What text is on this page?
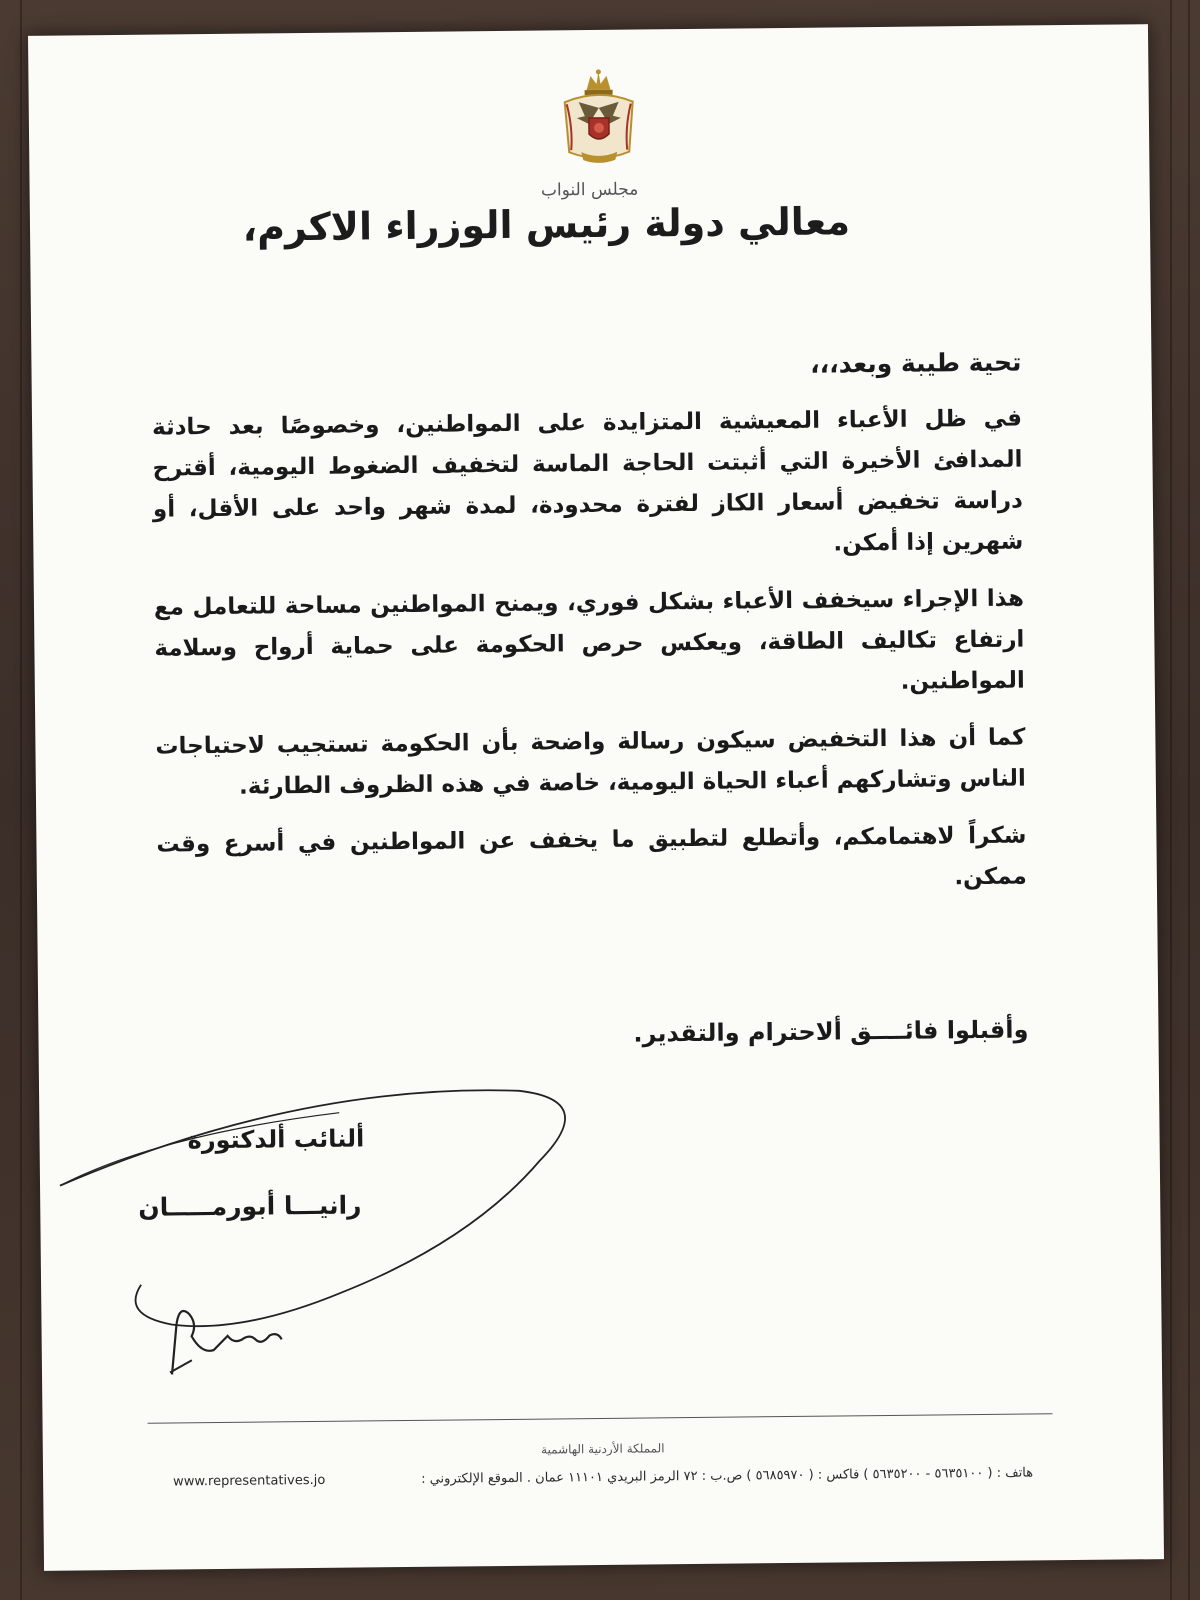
مجلس النواب
معالي دولة رئيس الوزراء الاكرم،

تحية طيبة وبعد،،،

في ظل الأعباء المعيشية المتزايدة على المواطنين، وخصوصًا بعد حادثة المدافئ الأخيرة التي أثبتت الحاجة الماسة لتخفيف الضغوط اليومية، أقترح دراسة تخفيض أسعار الكاز لفترة محدودة، لمدة شهر واحد على الأقل، أو شهرين إذا أمكن.

هذا الإجراء سيخفف الأعباء بشكل فوري، ويمنح المواطنين مساحة للتعامل مع ارتفاع تكاليف الطاقة، ويعكس حرص الحكومة على حماية أرواح وسلامة المواطنين.

كما أن هذا التخفيض سيكون رسالة واضحة بأن الحكومة تستجيب لاحتياجات الناس وتشاركهم أعباء الحياة اليومية، خاصة في هذه الظروف الطارئة.

شكراً لاهتمامكم، وأتطلع لتطبيق ما يخفف عن المواطنين في أسرع وقت ممكن.

وأقبلوا فائــــق ألاحترام والتقدير.
ألنائب ألدكتورة
رانيـــا أبورمـــــان
المملكة الأردنية الهاشمية
www.representatives.jo	هاتف : ( ٥٦٣٥١٠٠ - ٥٦٣٥٢٠٠ ) فاكس : ( ٥٦٨٥٩٧٠ ) ص.ب : ٧٢ الرمز البريدي ١١١٠١ عمان . الموقع الإلكتروني :
